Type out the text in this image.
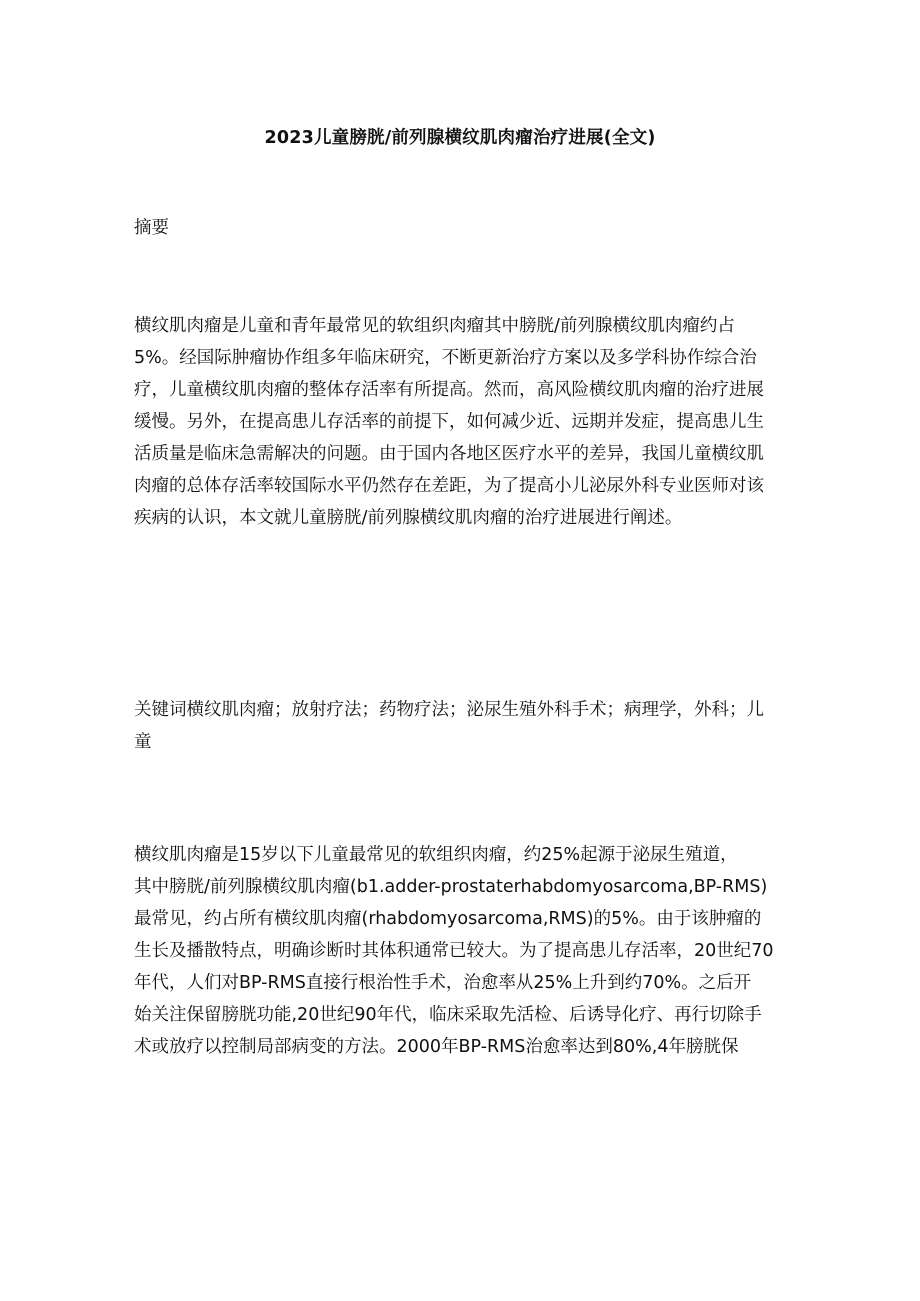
2023儿童膀胱/前列腺横纹肌肉瘤治疗进展(全文)
摘要
横纹肌肉瘤是儿童和青年最常见的软组织肉瘤其中膀胱/前列腺横纹肌肉瘤约占
5%。经国际肿瘤协作组多年临床研究，不断更新治疗方案以及多学科协作综合治
疗，儿童横纹肌肉瘤的整体存活率有所提高。然而，高风险横纹肌肉瘤的治疗进展
缓慢。另外，在提高患儿存活率的前提下，如何减少近、远期并发症，提高患儿生
活质量是临床急需解决的问题。由于国内各地区医疗水平的差异，我国儿童横纹肌
肉瘤的总体存活率较国际水平仍然存在差距，为了提高小儿泌尿外科专业医师对该
疾病的认识，本文就儿童膀胱/前列腺横纹肌肉瘤的治疗进展进行阐述。
关键词横纹肌肉瘤；放射疗法；药物疗法；泌尿生殖外科手术；病理学，外科；儿
童
横纹肌肉瘤是15岁以下儿童最常见的软组织肉瘤，约25%起源于泌尿生殖道，
其中膀胱/前列腺横纹肌肉瘤(b1.adder-prostaterhabdomyosarcoma,BP-RMS)
最常见，约占所有横纹肌肉瘤(rhabdomyosarcoma,RMS)的5%。由于该肿瘤的
生长及播散特点，明确诊断时其体积通常已较大。为了提高患儿存活率，20世纪70
年代，人们对BP-RMS直接行根治性手术，治愈率从25%上升到约70%。之后开
始关注保留膀胱功能,20世纪90年代，临床采取先活检、后诱导化疗、再行切除手
术或放疗以控制局部病变的方法。2000年BP-RMS治愈率达到80%,4年膀胱保
